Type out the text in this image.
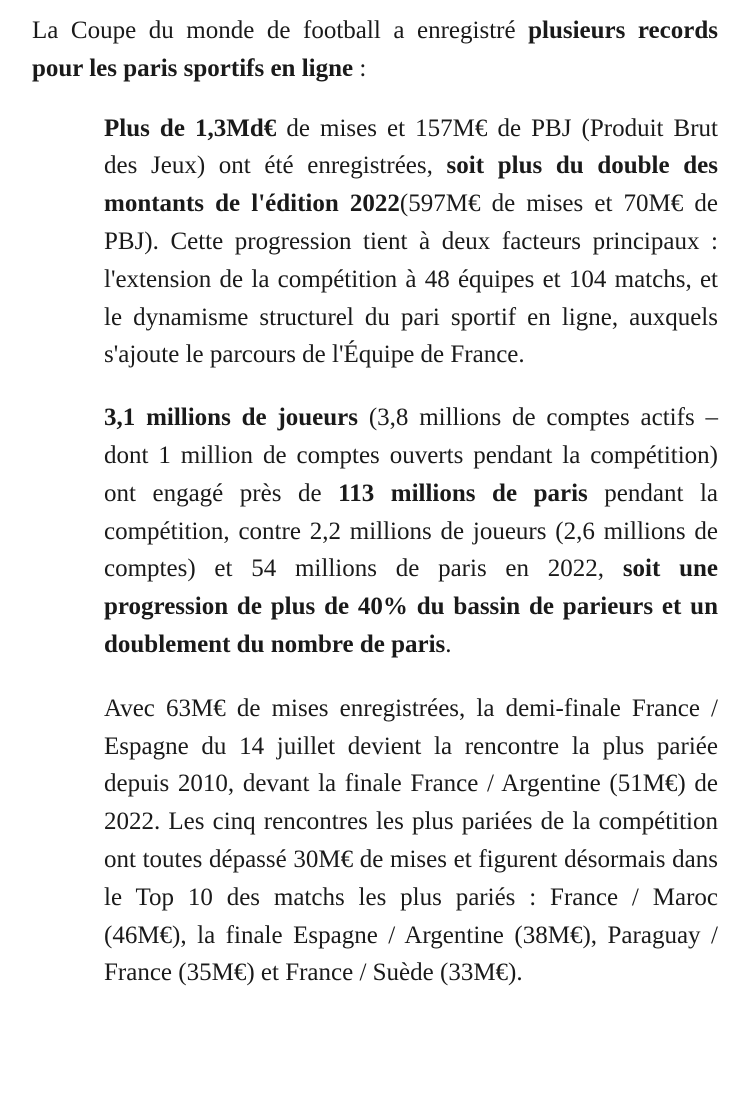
La Coupe du monde de football a enregistré plusieurs records pour les paris sportifs en ligne :

Plus de 1,3Md€ de mises et 157M€ de PBJ (Produit Brut des Jeux) ont été enregistrées, soit plus du double des montants de l'édition 2022(597M€ de mises et 70M€ de PBJ). Cette progression tient à deux facteurs principaux : l'extension de la compétition à 48 équipes et 104 matchs, et le dynamisme structurel du pari sportif en ligne, auxquels s'ajoute le parcours de l'Équipe de France.

3,1 millions de joueurs (3,8 millions de comptes actifs – dont 1 million de comptes ouverts pendant la compétition) ont engagé près de 113 millions de paris pendant la compétition, contre 2,2 millions de joueurs (2,6 millions de comptes) et 54 millions de paris en 2022, soit une progression de plus de 40% du bassin de parieurs et un doublement du nombre de paris.

Avec 63M€ de mises enregistrées, la demi-finale France / Espagne du 14 juillet devient la rencontre la plus pariée depuis 2010, devant la finale France / Argentine (51M€) de 2022. Les cinq rencontres les plus pariées de la compétition ont toutes dépassé 30M€ de mises et figurent désormais dans le Top 10 des matchs les plus pariés : France / Maroc (46M€), la finale Espagne / Argentine (38M€), Paraguay / France (35M€) et France / Suède (33M€).
